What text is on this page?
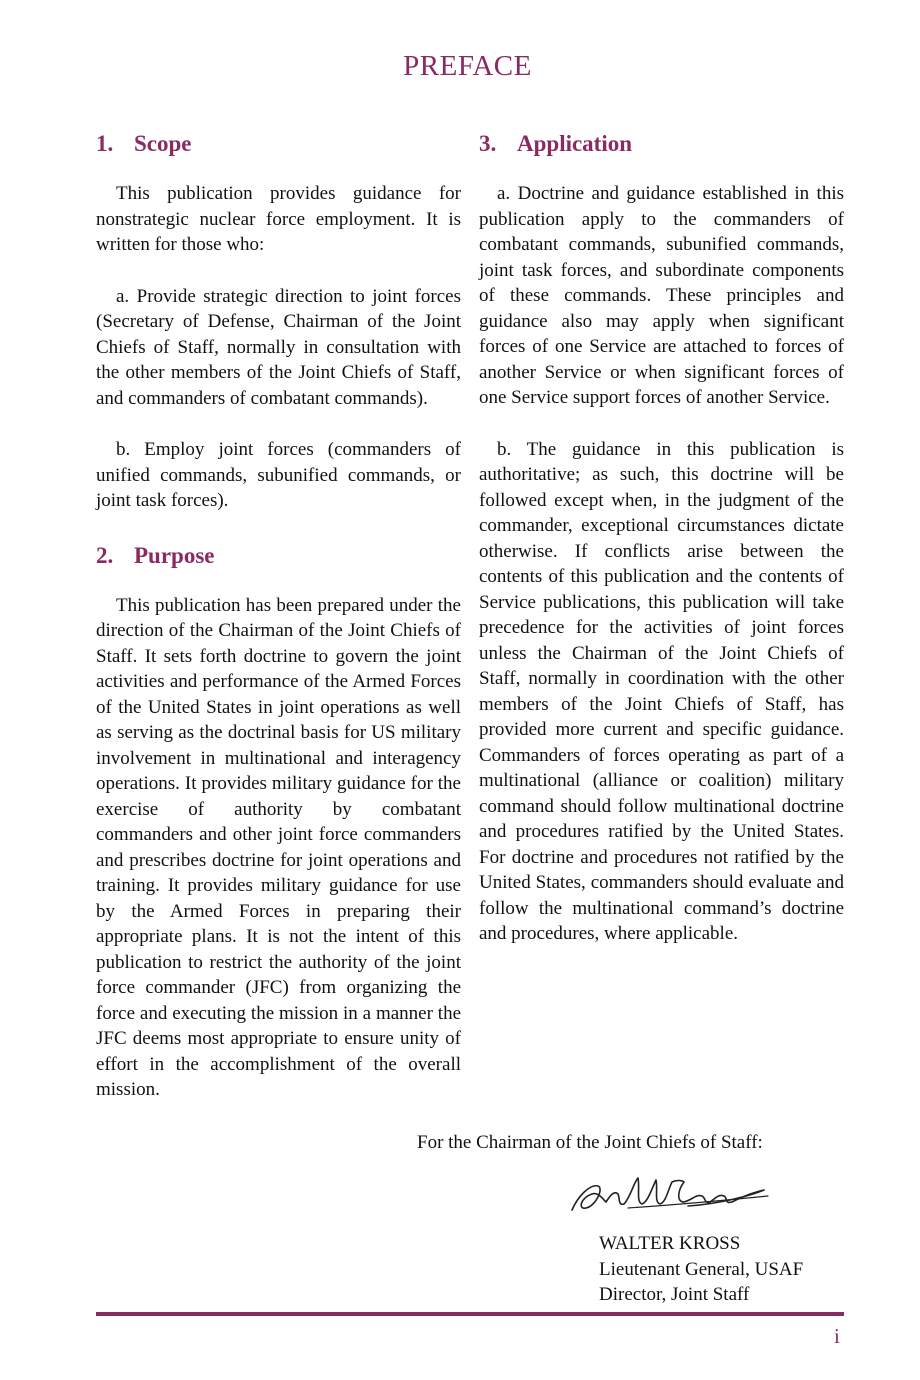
PREFACE
1. Scope

This publication provides guidance for nonstrategic nuclear force employment. It is written for those who:

a. Provide strategic direction to joint forces (Secretary of Defense, Chairman of the Joint Chiefs of Staff, normally in consultation with the other members of the Joint Chiefs of Staff, and commanders of combatant commands).

b. Employ joint forces (commanders of unified commands, subunified commands, or joint task forces).

2. Purpose

This publication has been prepared under the direction of the Chairman of the Joint Chiefs of Staff. It sets forth doctrine to govern the joint activities and performance of the Armed Forces of the United States in joint operations as well as serving as the doctrinal basis for US military involvement in multinational and interagency operations. It provides military guidance for the exercise of authority by combatant commanders and other joint force commanders and prescribes doctrine for joint operations and training. It provides military guidance for use by the Armed Forces in preparing their appropriate plans. It is not the intent of this publication to restrict the authority of the joint force commander (JFC) from organizing the force and executing the mission in a manner the JFC deems most appropriate to ensure unity of effort in the accomplishment of the overall mission.

3. Application

a. Doctrine and guidance established in this publication apply to the commanders of combatant commands, subunified commands, joint task forces, and subordinate components of these commands. These principles and guidance also may apply when significant forces of one Service are attached to forces of another Service or when significant forces of one Service support forces of another Service.

b. The guidance in this publication is authoritative; as such, this doctrine will be followed except when, in the judgment of the commander, exceptional circumstances dictate otherwise. If conflicts arise between the contents of this publication and the contents of Service publications, this publication will take precedence for the activities of joint forces unless the Chairman of the Joint Chiefs of Staff, normally in coordination with the other members of the Joint Chiefs of Staff, has provided more current and specific guidance. Commanders of forces operating as part of a multinational (alliance or coalition) military command should follow multinational doctrine and procedures ratified by the United States. For doctrine and procedures not ratified by the United States, commanders should evaluate and follow the multinational command’s doctrine and procedures, where applicable.

For the Chairman of the Joint Chiefs of Staff:
WALTER KROSS
Lieutenant General, USAF
Director, Joint Staff
i
